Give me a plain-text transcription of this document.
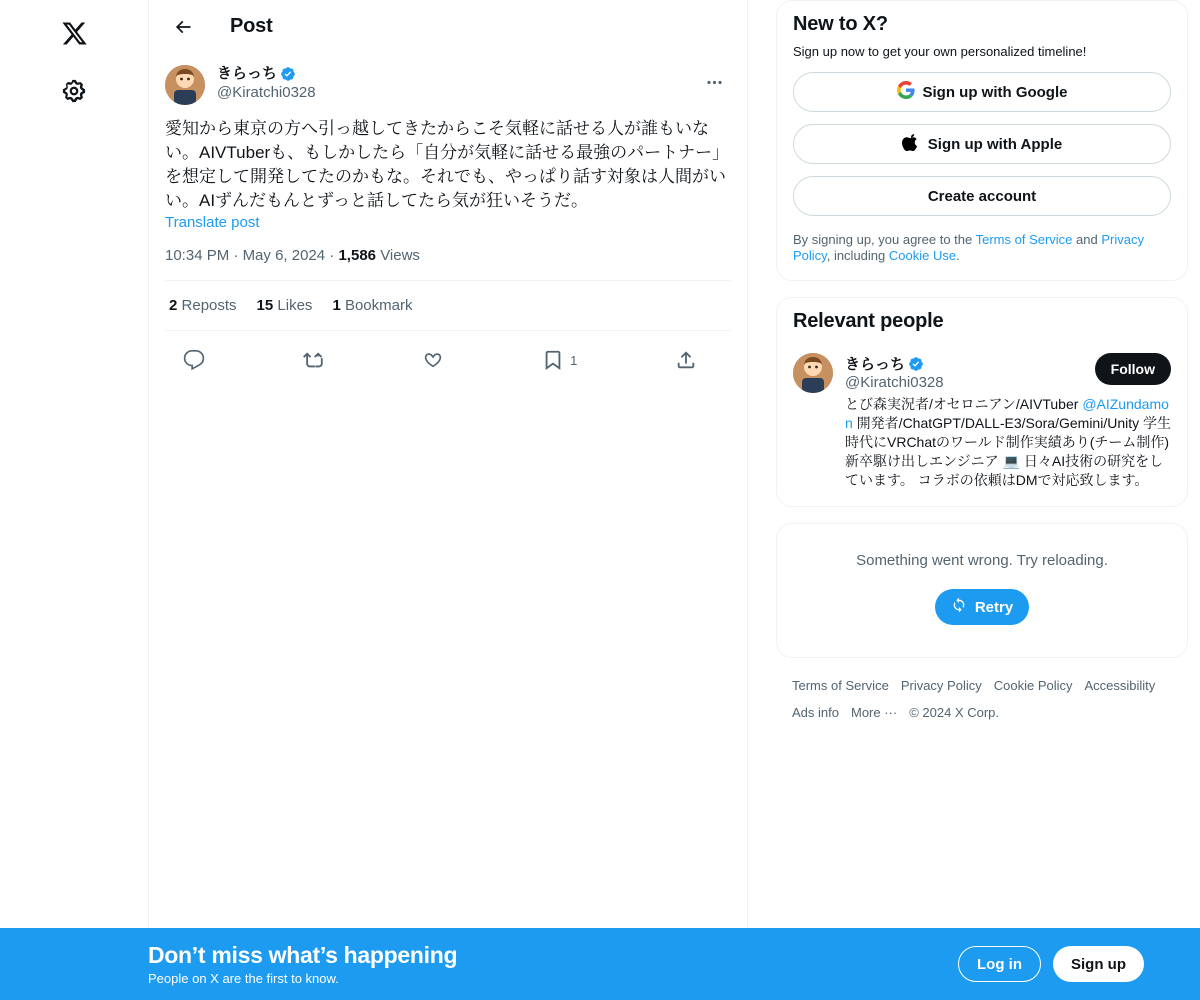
Post
きらっち
@Kiratchi0328
愛知から東京の方へ引っ越してきたからこそ気軽に話せる人が誰もいない。AIVTuberも、もしかしたら「自分が気軽に話せる最強のパートナー」を想定して開発してたのかもな。それでも、やっぱり話す対象は人間がいい。AIずんだもんとずっと話してたら気が狂いそうだ。
Translate post
10:34 PM · May 6, 2024 · 1,586 Views
2 Reposts 15 Likes 1 Bookmark
1
New to X?
Sign up now to get your own personalized timeline!
Sign up with Google
Sign up with Apple
Create account
By signing up, you agree to the Terms of Service and Privacy Policy, including Cookie Use.
Relevant people
きらっち
@Kiratchi0328
Follow
とび森実況者/オセロニアン/AIVTuber @AIZundamon 開発者/ChatGPT/DALL-E3/Sora/Gemini/Unity 学生時代にVRChatのワールド制作実績あり(チーム制作) 新卒駆け出しエンジニア 💻 日々AI技術の研究をしています。 コラボの依頼はDMで対応致します。
Something went wrong. Try reloading.
Retry
Terms of Service Privacy Policy Cookie Policy Accessibility
Ads info More ··· © 2024 X Corp.
Don’t miss what’s happening
People on X are the first to know.
Log in	Sign up
